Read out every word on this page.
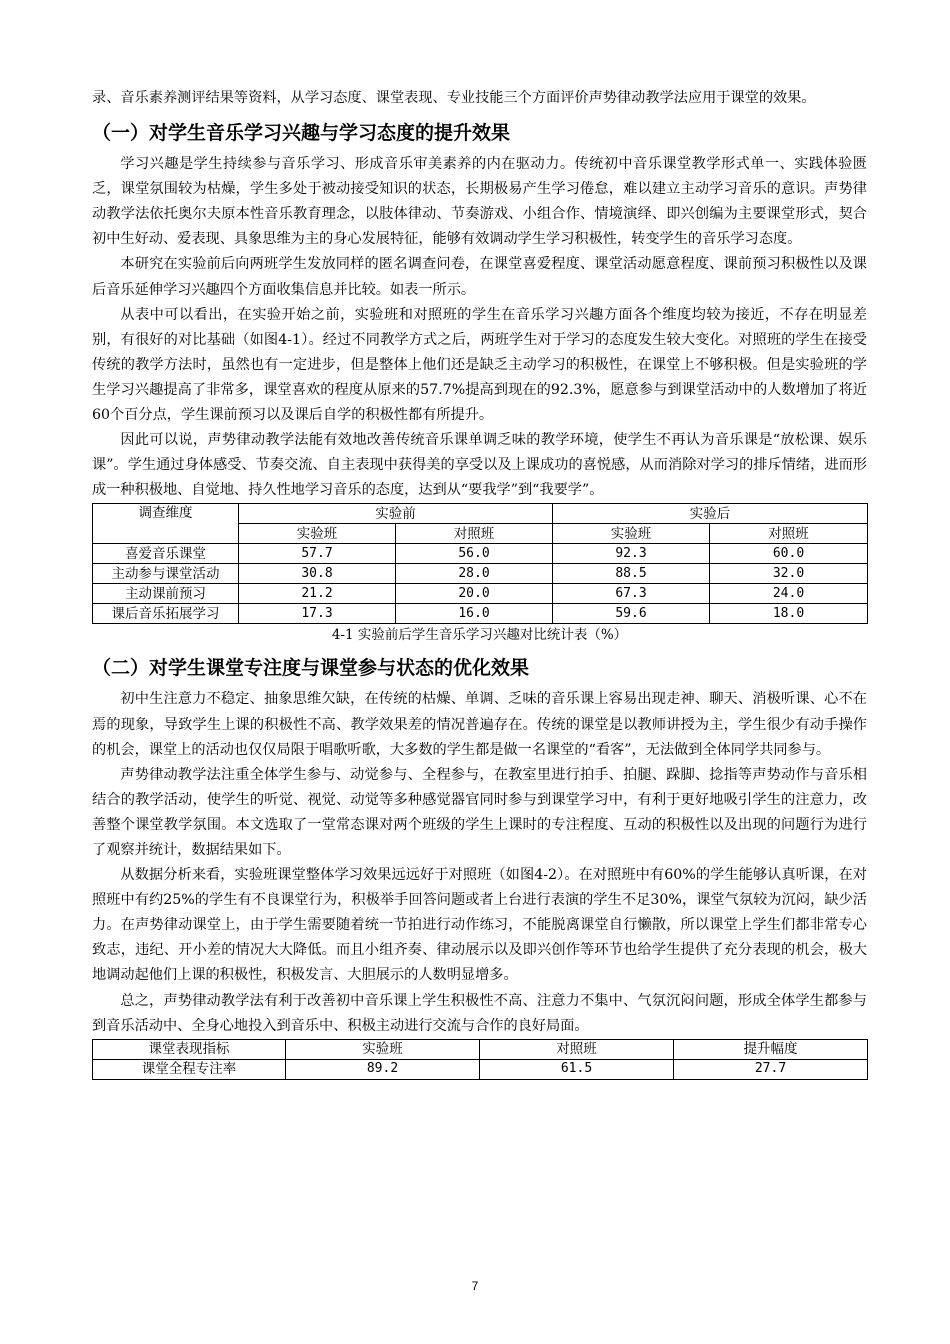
录、音乐素养测评结果等资料，从学习态度、课堂表现、专业技能三个方面评价声势律动教学法应用于课堂的效果。

（一）对学生音乐学习兴趣与学习态度的提升效果

学习兴趣是学生持续参与音乐学习、形成音乐审美素养的内在驱动力。传统初中音乐课堂教学形式单一、实践体验匮乏，课堂氛围较为枯燥，学生多处于被动接受知识的状态，长期极易产生学习倦怠，难以建立主动学习音乐的意识。声势律动教学法依托奥尔夫原本性音乐教育理念，以肢体律动、节奏游戏、小组合作、情境演绎、即兴创编为主要课堂形式，契合初中生好动、爱表现、具象思维为主的身心发展特征，能够有效调动学生学习积极性，转变学生的音乐学习态度。

本研究在实验前后向两班学生发放同样的匿名调查问卷，在课堂喜爱程度、课堂活动愿意程度、课前预习积极性以及课后音乐延伸学习兴趣四个方面收集信息并比较。如表一所示。

从表中可以看出，在实验开始之前，实验班和对照班的学生在音乐学习兴趣方面各个维度均较为接近，不存在明显差别，有很好的对比基础（如图4-1）。经过不同教学方式之后，两班学生对于学习的态度发生较大变化。对照班的学生在接受传统的教学方法时，虽然也有一定进步，但是整体上他们还是缺乏主动学习的积极性，在课堂上不够积极。但是实验班的学生学习兴趣提高了非常多，课堂喜欢的程度从原来的57.7%提高到现在的92.3%，愿意参与到课堂活动中的人数增加了将近60个百分点，学生课前预习以及课后自学的积极性都有所提升。

因此可以说，声势律动教学法能有效地改善传统音乐课单调乏味的教学环境，使学生不再认为音乐课是“放松课、娱乐课”。学生通过身体感受、节奏交流、自主表现中获得美的享受以及上课成功的喜悦感，从而消除对学习的排斥情绪，进而形成一种积极地、自觉地、持久性地学习音乐的态度，达到从“要我学”到“我要学”。

调查维度	实验前		实验后	
	实验班	对照班	实验班	对照班
喜爱音乐课堂	57.7	56.0	92.3	60.0
主动参与课堂活动	30.8	28.0	88.5	32.0
主动课前预习	21.2	20.0	67.3	24.0
课后音乐拓展学习	17.3	16.0	59.6	18.0
4-1 实验前后学生音乐学习兴趣对比统计表（%）
（二）对学生课堂专注度与课堂参与状态的优化效果

初中生注意力不稳定、抽象思维欠缺，在传统的枯燥、单调、乏味的音乐课上容易出现走神、聊天、消极听课、心不在焉的现象，导致学生上课的积极性不高、教学效果差的情况普遍存在。传统的课堂是以教师讲授为主，学生很少有动手操作的机会，课堂上的活动也仅仅局限于唱歌听歌，大多数的学生都是做一名课堂的“看客”，无法做到全体同学共同参与。

声势律动教学法注重全体学生参与、动觉参与、全程参与，在教室里进行拍手、拍腿、跺脚、捻指等声势动作与音乐相结合的教学活动，使学生的听觉、视觉、动觉等多种感觉器官同时参与到课堂学习中，有利于更好地吸引学生的注意力，改善整个课堂教学氛围。本文选取了一堂常态课对两个班级的学生上课时的专注程度、互动的积极性以及出现的问题行为进行了观察并统计，数据结果如下。

从数据分析来看，实验班课堂整体学习效果远远好于对照班（如图4-2）。在对照班中有60%的学生能够认真听课，在对照班中有约25%的学生有不良课堂行为，积极举手回答问题或者上台进行表演的学生不足30%，课堂气氛较为沉闷，缺少活力。在声势律动课堂上，由于学生需要随着统一节拍进行动作练习，不能脱离课堂自行懒散，所以课堂上学生们都非常专心致志，违纪、开小差的情况大大降低。而且小组齐奏、律动展示以及即兴创作等环节也给学生提供了充分表现的机会，极大地调动起他们上课的积极性，积极发言、大胆展示的人数明显增多。

总之，声势律动教学法有利于改善初中音乐课上学生积极性不高、注意力不集中、气氛沉闷问题，形成全体学生都参与到音乐活动中、全身心地投入到音乐中、积极主动进行交流与合作的良好局面。

课堂表现指标	实验班	对照班	提升幅度
课堂全程专注率	89.2	61.5	27.7
7
